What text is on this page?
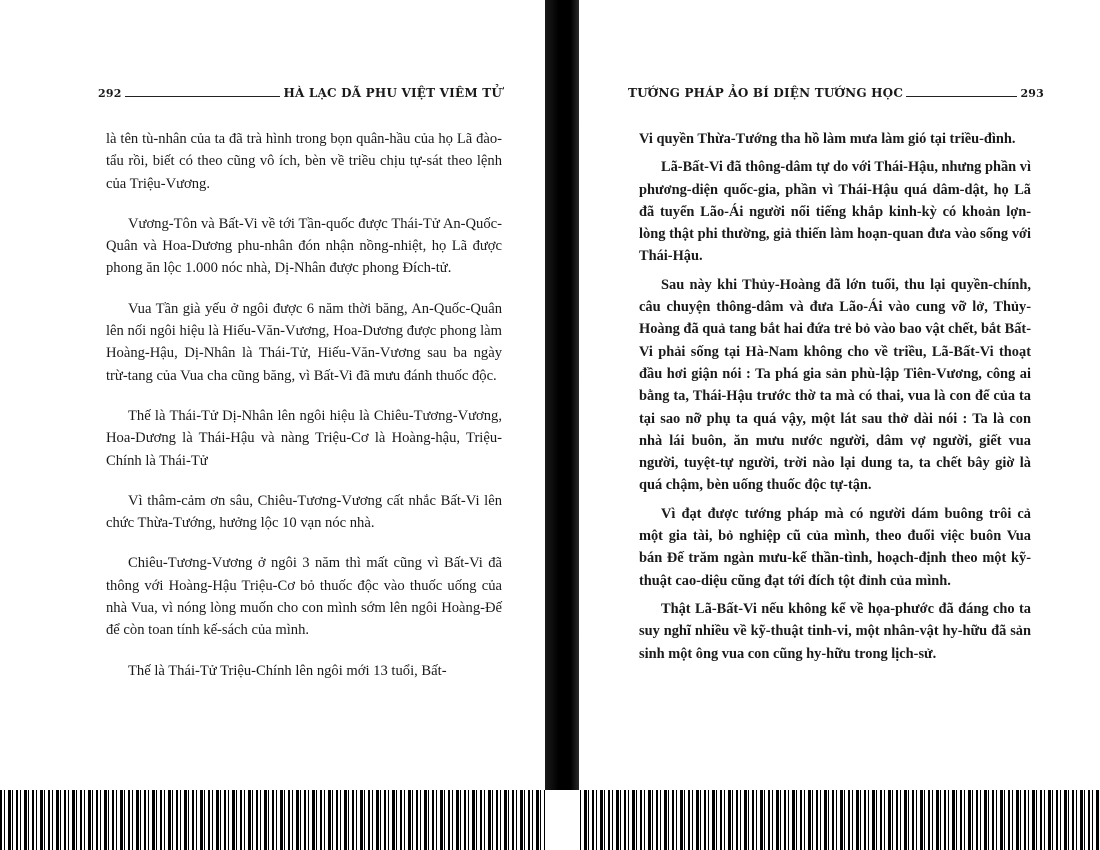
292	HÀ LẠC DÃ PHU VIỆT VIÊM TỬ

là tên tù-nhân của ta đã trà hình trong bọn quân-hầu của họ Lã đào-tẩu rồi, biết có theo cũng vô ích, bèn về triều chịu tự-sát theo lệnh của Triệu-Vương.

Vương-Tôn và Bất-Vi về tới Tần-quốc được Thái-Tử An-Quốc-Quân và Hoa-Dương phu-nhân đón nhận nồng-nhiệt, họ Lã được phong ăn lộc 1.000 nóc nhà, Dị-Nhân được phong Đích-tử.

Vua Tần già yếu ở ngôi được 6 năm thời băng, An-Quốc-Quân lên nối ngôi hiệu là Hiếu-Văn-Vương, Hoa-Dương được phong làm Hoàng-Hậu, Dị-Nhân là Thái-Tử, Hiếu-Văn-Vương sau ba ngày trừ-tang của Vua cha cũng băng, vì Bất-Vi đã mưu đánh thuốc độc.

Thế là Thái-Tử Dị-Nhân lên ngôi hiệu là Chiêu-Tương-Vương, Hoa-Dương là Thái-Hậu và nàng Triệu-Cơ là Hoàng-hậu, Triệu-Chính là Thái-Tử

Vì thâm-cảm ơn sâu, Chiêu-Tương-Vương cất nhắc Bất-Vi lên chức Thừa-Tướng, hưởng lộc 10 vạn nóc nhà.

Chiêu-Tương-Vương ở ngôi 3 năm thì mất cũng vì Bất-Vi đã thông với Hoàng-Hậu Triệu-Cơ bỏ thuốc độc vào thuốc uống của nhà Vua, vì nóng lòng muốn cho con mình sớm lên ngôi Hoàng-Đế để còn toan tính kế-sách của mình.

Thế là Thái-Tử Triệu-Chính lên ngôi mới 13 tuổi, Bất-

TƯỚNG PHÁP ẢO BÍ DIỆN TƯỚNG HỌC	293

Vi quyền Thừa-Tướng tha hồ làm mưa làm gió tại triều-đình.

Lã-Bất-Vi đã thông-dâm tự do với Thái-Hậu, nhưng phần vì phương-diện quốc-gia, phần vì Thái-Hậu quá dâm-dật, họ Lã đã tuyển Lão-Ái người nổi tiếng khắp kinh-kỳ có khoản lợn-lòng thật phi thường, giả thiến làm hoạn-quan đưa vào sống với Thái-Hậu.

Sau này khi Thủy-Hoàng đã lớn tuổi, thu lại quyền-chính, câu chuyện thông-dâm và đưa Lão-Ái vào cung vỡ lở, Thủy-Hoàng đã quả tang bắt hai đứa trẻ bỏ vào bao vật chết, bắt Bất-Vi phải sống tại Hà-Nam không cho về triều, Lã-Bất-Vi thoạt đầu hơi giận nói : Ta phá gia sản phù-lập Tiên-Vương, công ai bằng ta, Thái-Hậu trước thờ ta mà có thai, vua là con để của ta tại sao nỡ phụ ta quá vậy, một lát sau thở dài nói : Ta là con nhà lái buôn, ăn mưu nước người, dâm vợ người, giết vua người, tuyệt-tự người, trời nào lại dung ta, ta chết bây giờ là quá chậm, bèn uống thuốc độc tự-tận.

Vì đạt được tướng pháp mà có người dám buông trôi cả một gia tài, bỏ nghiệp cũ của mình, theo đuổi việc buôn Vua bán Đế trăm ngàn mưu-kế thần-tình, hoạch-định theo một kỹ-thuật cao-diệu cũng đạt tới đích tột đỉnh của mình.

Thật Lã-Bất-Vi nếu không kể về họa-phước đã đáng cho ta suy nghĩ nhiều về kỹ-thuật tinh-vi, một nhân-vật hy-hữu đã sản sinh một ông vua con cũng hy-hữu trong lịch-sử.
